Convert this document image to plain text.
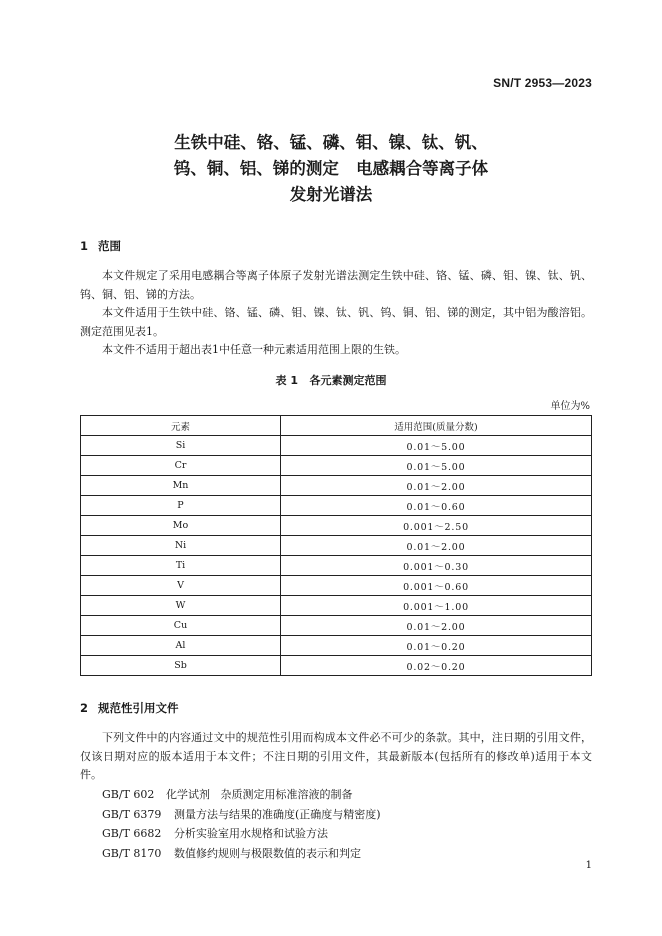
SN/T 2953—2023
生铁中硅、铬、锰、磷、钼、镍、钛、钒、
钨、铜、铝、锑的测定   电感耦合等离子体
发射光谱法
1 范围

本文件规定了采用电感耦合等离子体原子发射光谱法测定生铁中硅、铬、锰、磷、钼、镍、钛、钒、钨、铜、铝、锑的方法。

本文件适用于生铁中硅、铬、锰、磷、钼、镍、钛、钒、钨、铜、铝、锑的测定，其中铝为酸溶铝。测定范围见表1。

本文件不适用于超出表1中任意一种元素适用范围上限的生铁。

表 1   各元素测定范围
单位为%
元素	适用范围(质量分数)
Si	0.01～5.00
Cr	0.01～5.00
Mn	0.01～2.00
P	0.01～0.60
Mo	0.001～2.50
Ni	0.01～2.00
Ti	0.001～0.30
V	0.001～0.60
W	0.001～1.00
Cu	0.01～2.00
Al	0.01～0.20
Sb	0.02～0.20
2 规范性引用文件

下列文件中的内容通过文中的规范性引用而构成本文件必不可少的条款。其中，注日期的引用文件，仅该日期对应的版本适用于本文件；不注日期的引用文件，其最新版本(包括所有的修改单)适用于本文件。

GB/T 602 化学试剂   杂质测定用标准溶液的制备
GB/T 6379 测量方法与结果的准确度(正确度与精密度)
GB/T 6682 分析实验室用水规格和试验方法
GB/T 8170 数值修约规则与极限数值的表示和判定
1
